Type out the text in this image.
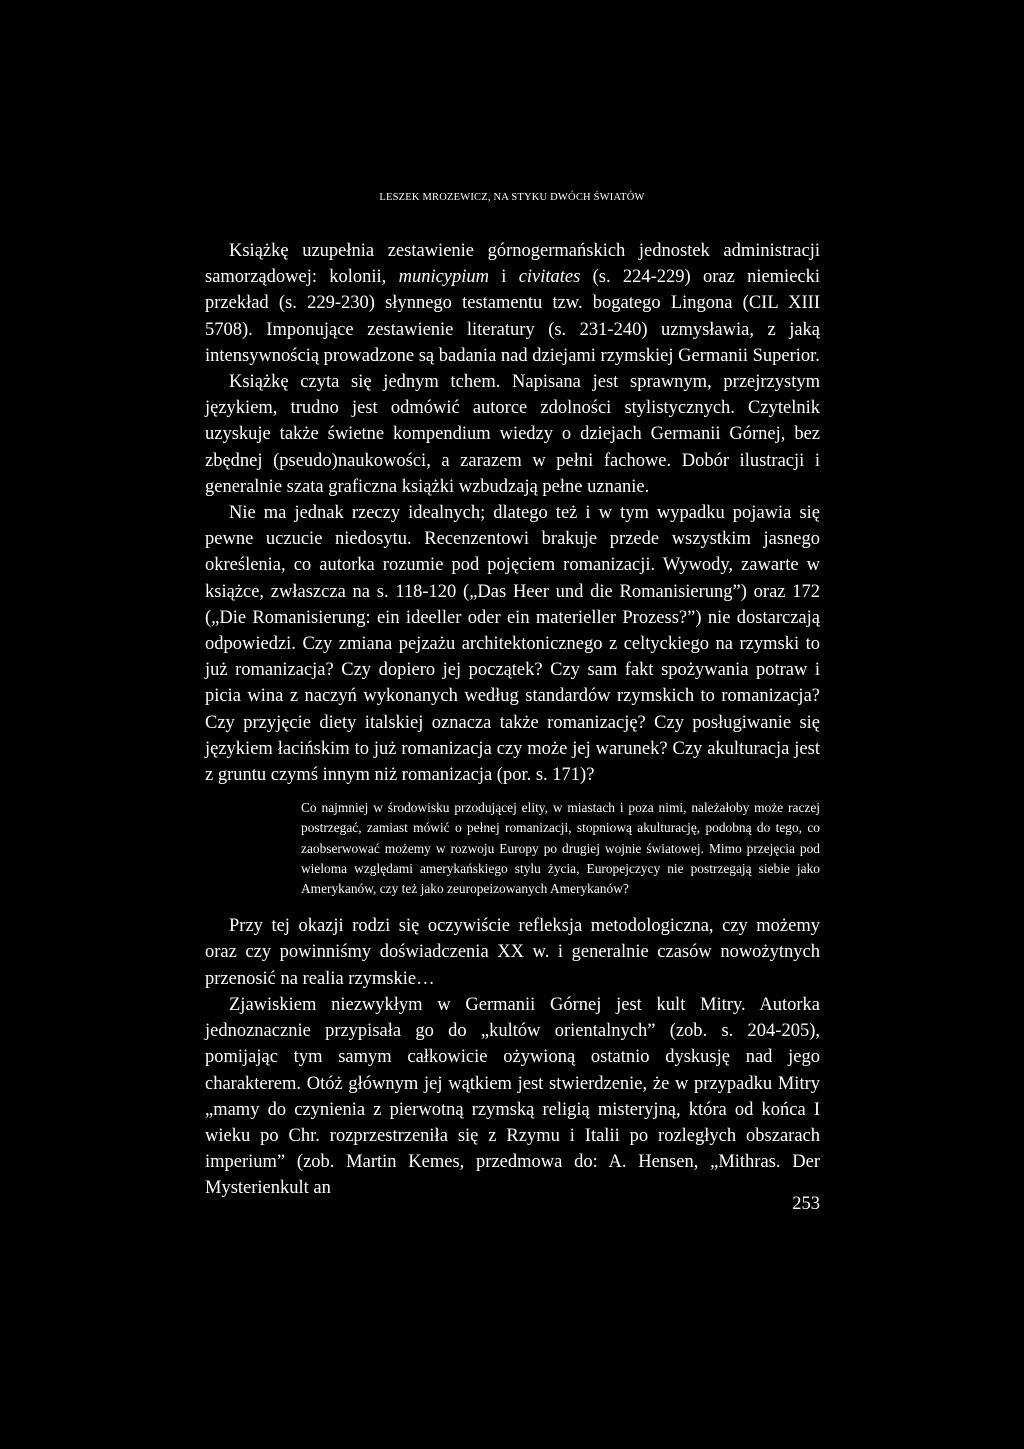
LESZEK MROZEWICZ, NA STYKU DWÓCH ŚWIATÓW

Książkę uzupełnia zestawienie górnogermańskich jednostek administracji samorządowej: kolonii, municypium i civitates (s. 224-229) oraz niemiecki przekład (s. 229-230) słynnego testamentu tzw. bogatego Lingona (CIL XIII 5708). Imponujące zestawienie literatury (s. 231-240) uzmysławia, z jaką intensywnością prowadzone są badania nad dziejami rzymskiej Germanii Superior.

Książkę czyta się jednym tchem. Napisana jest sprawnym, przejrzystym językiem, trudno jest odmówić autorce zdolności stylistycznych. Czytelnik uzyskuje także świetne kompendium wiedzy o dziejach Germanii Górnej, bez zbędnej (pseudo)naukowości, a zarazem w pełni fachowe. Dobór ilustracji i generalnie szata graficzna książki wzbudzają pełne uznanie.

Nie ma jednak rzeczy idealnych; dlatego też i w tym wypadku pojawia się pewne uczucie niedosytu. Recenzentowi brakuje przede wszystkim jasnego określenia, co autorka rozumie pod pojęciem romanizacji. Wywody, zawarte w książce, zwłaszcza na s. 118-120 („Das Heer und die Romanisierung”) oraz 172 („Die Romanisierung: ein ideeller oder ein materieller Prozess?”) nie dostarczają odpowiedzi. Czy zmiana pejzażu architektonicznego z celtyckiego na rzymski to już romanizacja? Czy dopiero jej początek? Czy sam fakt spożywania potraw i picia wina z naczyń wykonanych według standardów rzymskich to romanizacja? Czy przyjęcie diety italskiej oznacza także romanizację? Czy posługiwanie się językiem łacińskim to już romanizacja czy może jej warunek? Czy akulturacja jest z gruntu czymś innym niż romanizacja (por. s. 171)?

Co najmniej w środowisku przodującej elity, w miastach i poza nimi, należałoby może raczej postrzegać, zamiast mówić o pełnej romanizacji, stopniową akulturację, podobną do tego, co zaobserwować możemy w rozwoju Europy po drugiej wojnie światowej. Mimo przejęcia pod wieloma względami amerykańskiego stylu życia, Europejczycy nie postrzegają siebie jako Amerykanów, czy też jako zeuropeizowanych Amerykanów?

Przy tej okazji rodzi się oczywiście refleksja metodologiczna, czy możemy oraz czy powinniśmy doświadczenia XX w. i generalnie czasów nowożytnych przenosić na realia rzymskie…

Zjawiskiem niezwykłym w Germanii Górnej jest kult Mitry. Autorka jednoznacznie przypisała go do „kultów orientalnych” (zob. s. 204-205), pomijając tym samym całkowicie ożywioną ostatnio dyskusję nad jego charakterem. Otóż głównym jej wątkiem jest stwierdzenie, że w przypadku Mitry „mamy do czynienia z pierwotną rzymską religią misteryjną, która od końca I wieku po Chr. rozprzestrzeniła się z Rzymu i Italii po rozległych obszarach imperium” (zob. Martin Kemes, przedmowa do: A. Hensen, „Mithras. Der Mysterienkult an

253
